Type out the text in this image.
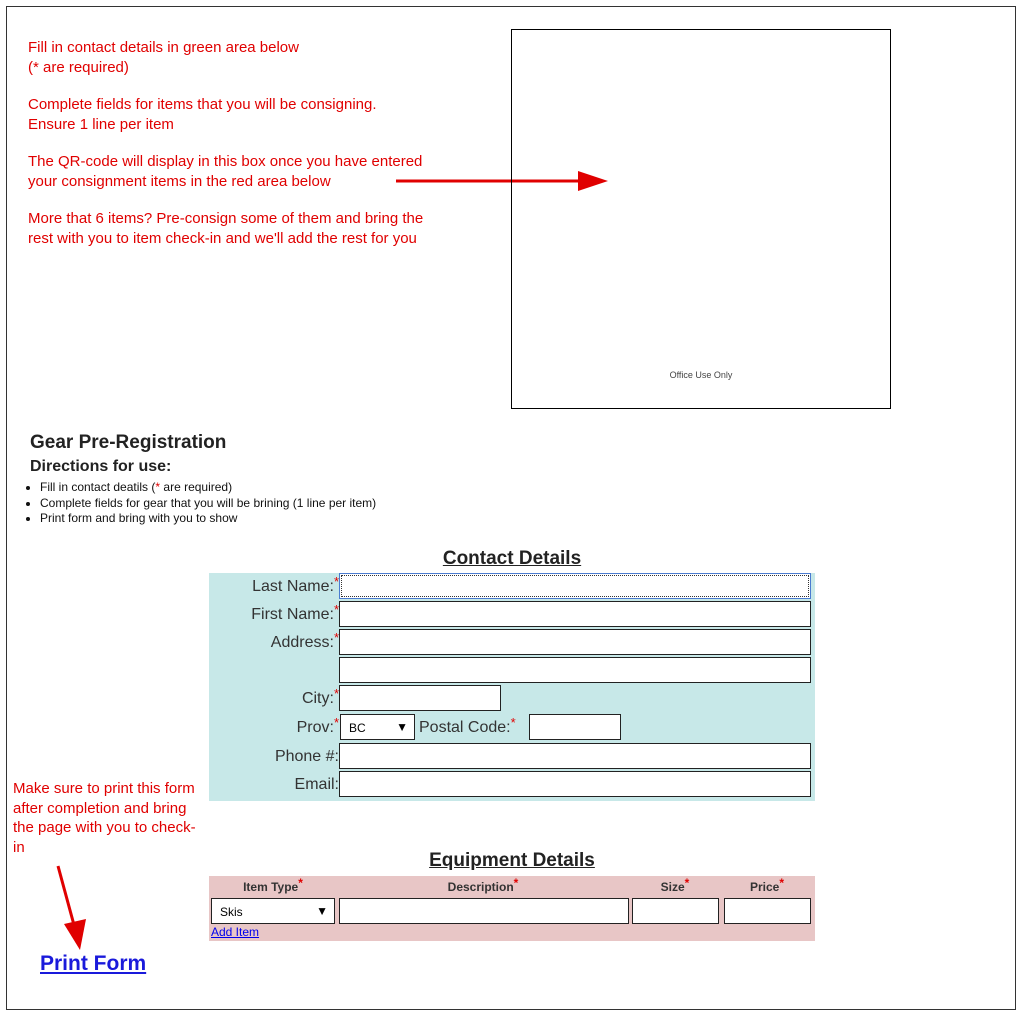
Fill in contact details in green area below
(* are required)

Complete fields for items that you will be consigning.
Ensure 1 line per item

The QR-code will display in this box once you have entered
your consignment items in the red area below

More that 6 items? Pre-consign some of them and bring the
rest with you to item check-in and we'll add the rest for you

Office Use Only
Gear Pre-Registration
Directions for use:
• Fill in contact deatils (* are required)
• Complete fields for gear that you will be brining (1 line per item)
• Print form and bring with you to show
Contact Details
Last Name:*
First Name:*
Address:*
City:*
Prov:* BC	▼ Postal Code:*
Phone #:
Email:
Make sure to print this form after completion and bring the page with you to check-in
Equipment Details
Item Type*	Description*	Size*	Price*
Skis	▼
Add Item
Print Form
